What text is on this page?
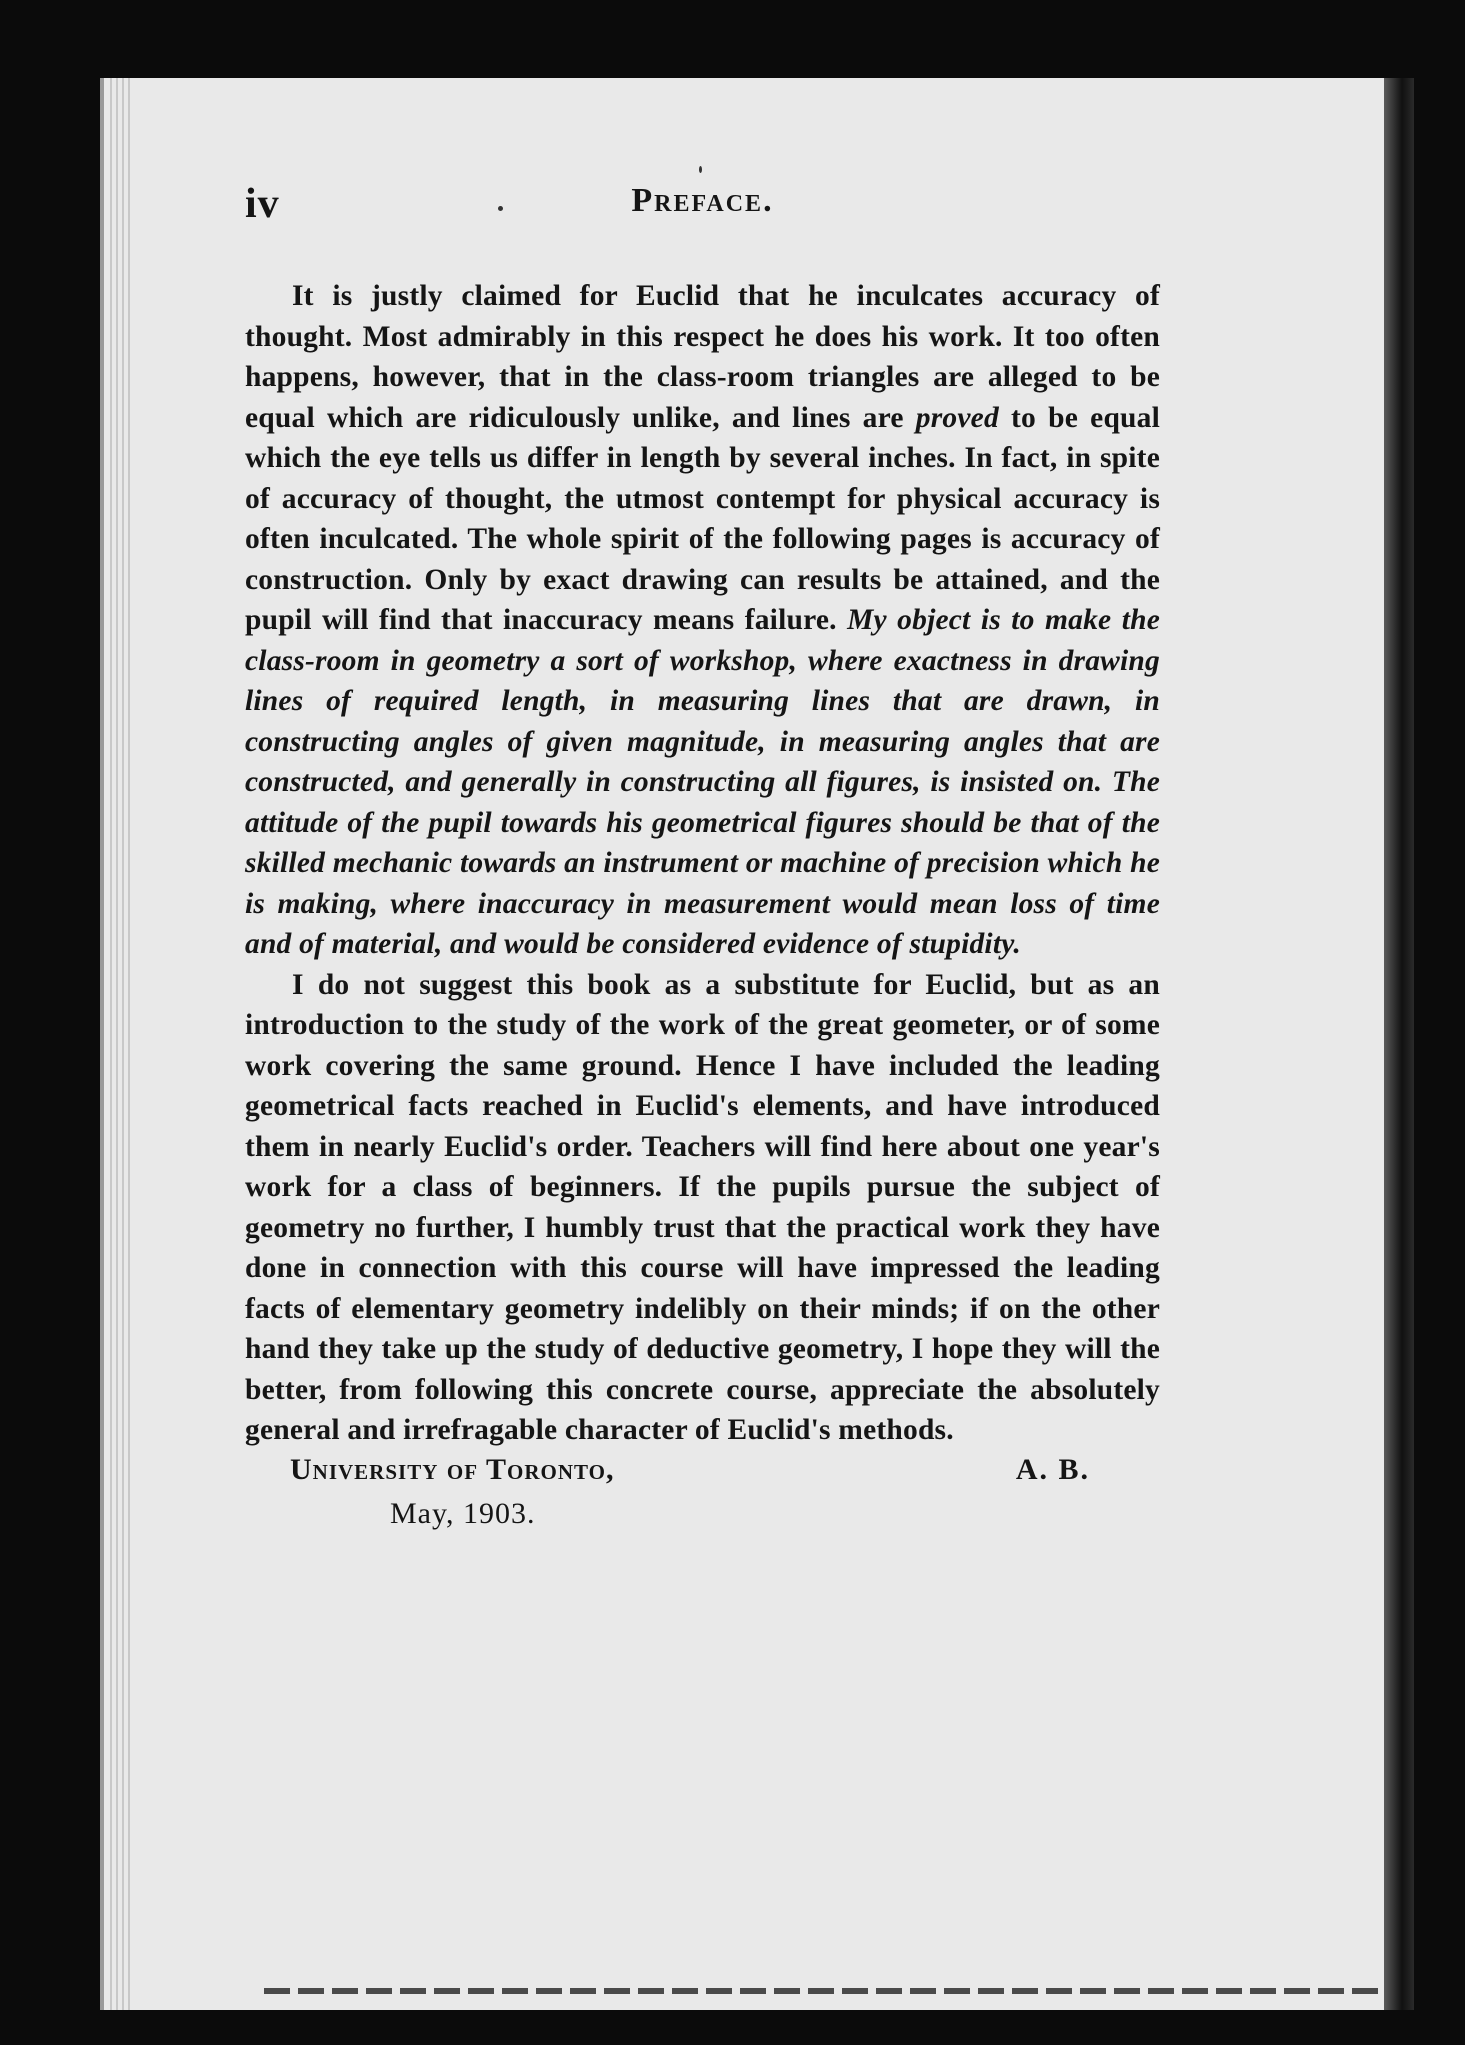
iv	Preface.

It is justly claimed for Euclid that he inculcates accuracy of thought. Most admirably in this respect he does his work. It too often happens, however, that in the class-room triangles are alleged to be equal which are ridiculously unlike, and lines are proved to be equal which the eye tells us differ in length by several inches. In fact, in spite of accuracy of thought, the utmost contempt for physical accuracy is often inculcated. The whole spirit of the following pages is accuracy of construction. Only by exact drawing can results be attained, and the pupil will find that inaccuracy means failure. My object is to make the class-room in geometry a sort of workshop, where exactness in drawing lines of required length, in measuring lines that are drawn, in constructing angles of given magnitude, in measuring angles that are constructed, and generally in constructing all figures, is insisted on. The attitude of the pupil towards his geometrical figures should be that of the skilled mechanic towards an instrument or machine of precision which he is making, where inaccuracy in measurement would mean loss of time and of material, and would be considered evidence of stupidity.

I do not suggest this book as a substitute for Euclid, but as an introduction to the study of the work of the great geometer, or of some work covering the same ground. Hence I have included the leading geometrical facts reached in Euclid's elements, and have introduced them in nearly Euclid's order. Teachers will find here about one year's work for a class of beginners. If the pupils pursue the subject of geometry no further, I humbly trust that the practical work they have done in connection with this course will have impressed the leading facts of elementary geometry indelibly on their minds; if on the other hand they take up the study of deductive geometry, I hope they will the better, from following this concrete course, appreciate the absolutely general and irrefragable character of Euclid's methods.

University of Toronto,	A. B.
May, 1903.
